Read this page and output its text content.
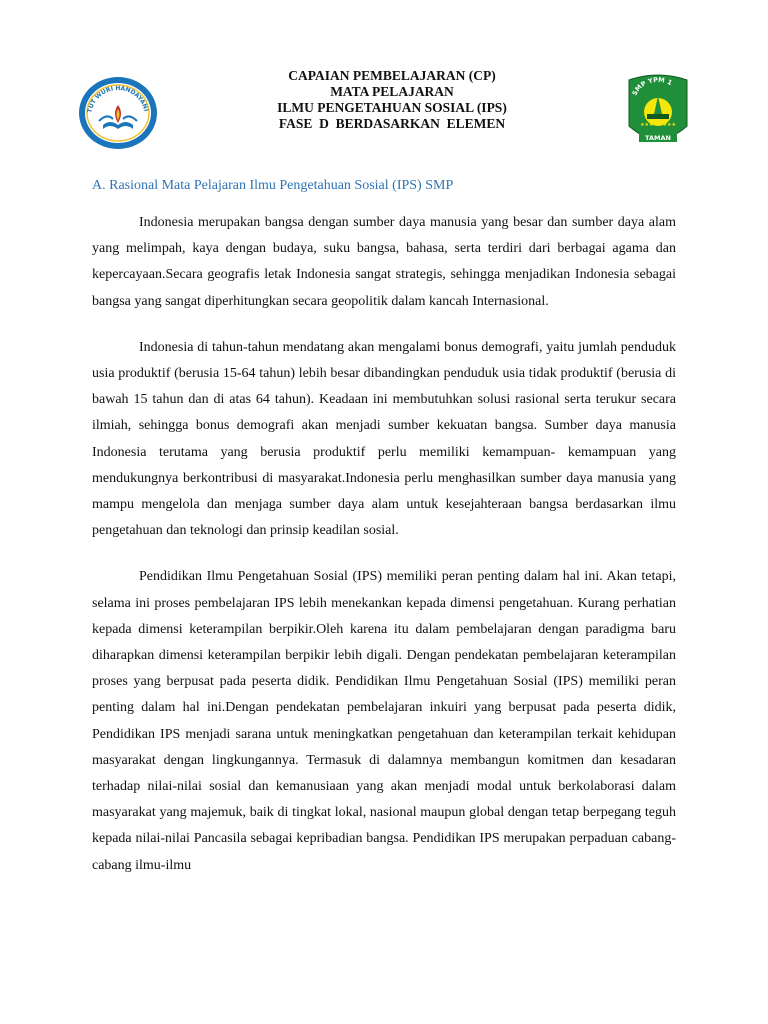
TUT WURI HANDAYANI
CAPAIAN PEMBELAJARAN (CP)
MATA PELAJARAN
ILMU PENGETAHUAN SOSIAL (IPS)
FASE  D  BERDASARKAN  ELEMEN
SMP YPM 1
★★★★★★★★
TAMAN
A. Rasional Mata Pelajaran Ilmu Pengetahuan Sosial (IPS) SMP

Indonesia merupakan bangsa dengan sumber daya manusia yang besar dan sumber daya alam yang melimpah, kaya dengan budaya, suku bangsa, bahasa, serta terdiri dari berbagai agama dan kepercayaan.Secara geografis letak Indonesia sangat strategis, sehingga menjadikan Indonesia sebagai bangsa yang sangat diperhitungkan secara geopolitik dalam kancah Internasional.

Indonesia di tahun-tahun mendatang akan mengalami bonus demografi, yaitu jumlah penduduk usia produktif (berusia 15-64 tahun) lebih besar dibandingkan penduduk usia tidak produktif (berusia di bawah 15 tahun dan di atas 64 tahun). Keadaan ini membutuhkan solusi rasional serta terukur secara ilmiah, sehingga bonus demografi akan menjadi sumber kekuatan bangsa. Sumber daya manusia Indonesia terutama yang berusia produktif perlu memiliki kemampuan- kemampuan yang mendukungnya berkontribusi di masyarakat.Indonesia perlu menghasilkan sumber daya manusia yang mampu mengelola dan menjaga sumber daya alam untuk kesejahteraan bangsa berdasarkan ilmu pengetahuan dan teknologi dan prinsip keadilan sosial.

Pendidikan Ilmu Pengetahuan Sosial (IPS) memiliki peran penting dalam hal ini. Akan tetapi, selama ini proses pembelajaran IPS lebih menekankan kepada dimensi pengetahuan. Kurang perhatian kepada dimensi keterampilan berpikir.Oleh karena itu dalam pembelajaran dengan paradigma baru diharapkan dimensi keterampilan berpikir lebih digali. Dengan pendekatan pembelajaran keterampilan proses yang berpusat pada peserta didik. Pendidikan Ilmu Pengetahuan Sosial (IPS) memiliki peran penting dalam hal ini.Dengan pendekatan pembelajaran inkuiri yang berpusat pada peserta didik, Pendidikan IPS menjadi sarana untuk meningkatkan pengetahuan dan keterampilan terkait kehidupan masyarakat dengan lingkungannya. Termasuk di dalamnya membangun komitmen dan kesadaran terhadap nilai-nilai sosial dan kemanusiaan yang akan menjadi modal untuk berkolaborasi dalam masyarakat yang majemuk, baik di tingkat lokal, nasional maupun global dengan tetap berpegang teguh kepada nilai-nilai Pancasila sebagai kepribadian bangsa. Pendidikan IPS merupakan perpaduan cabang-cabang ilmu-ilmu
